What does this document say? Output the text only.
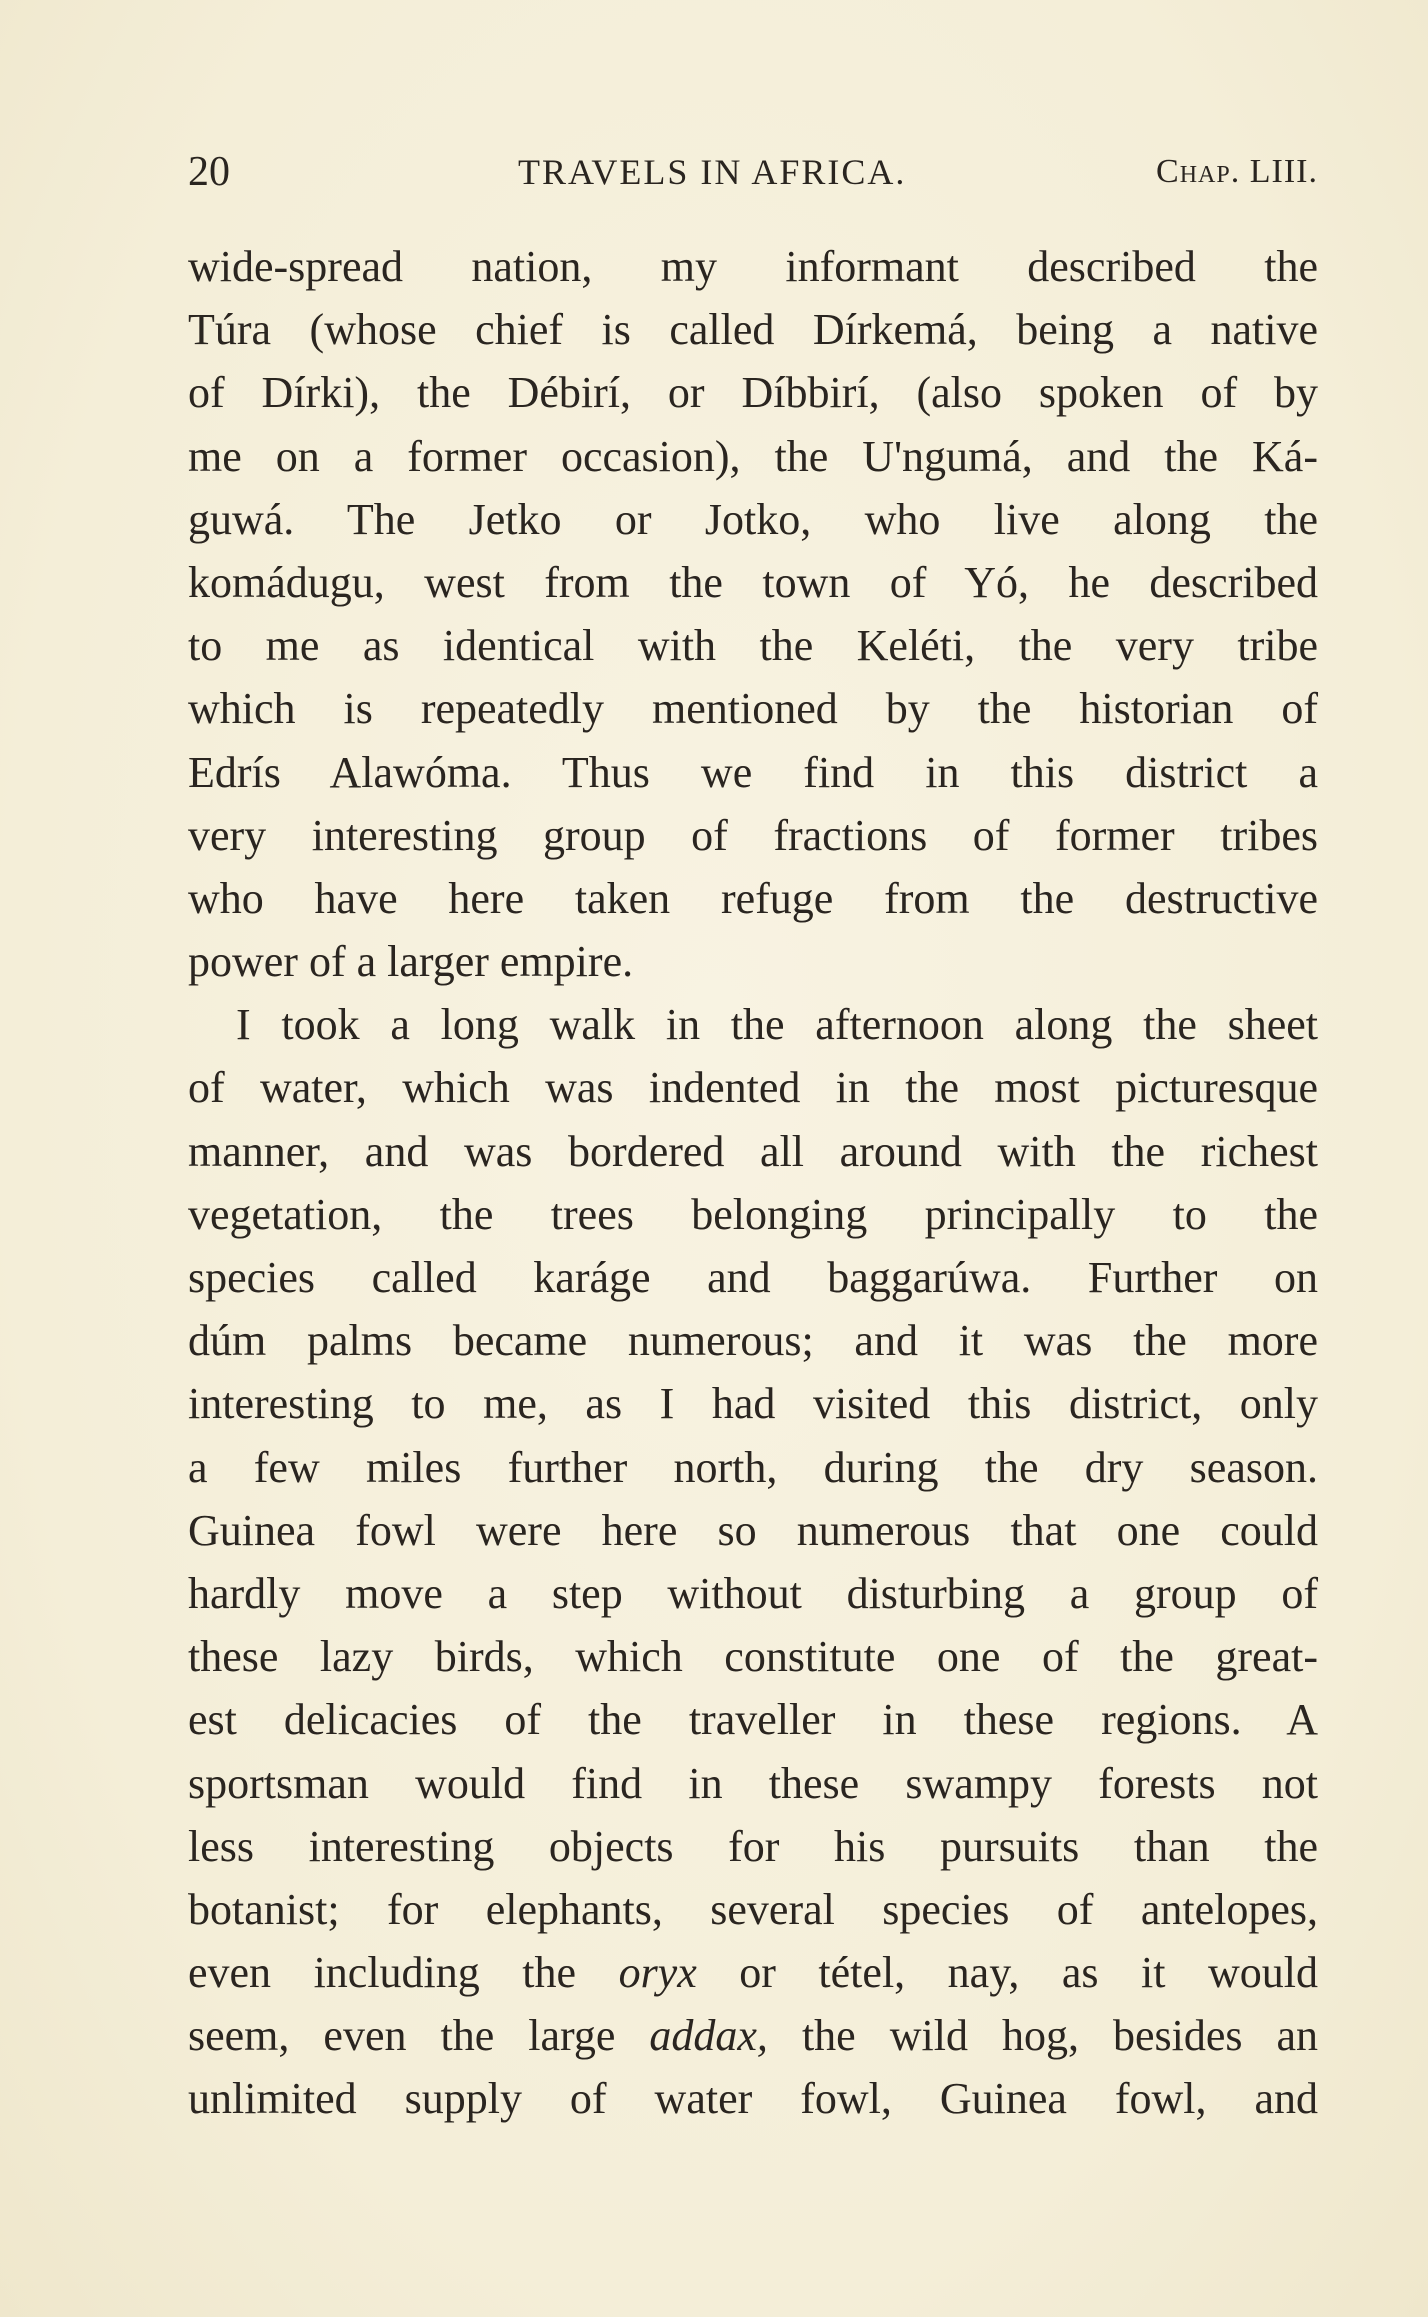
20	TRAVELS IN AFRICA.	Chap. LIII.
wide-spread nation, my informant described the
Túra (whose chief is called Dírkemá, being a native
of Dírki), the Débirí, or Díbbirí, (also spoken of by
me on a former occasion), the U'ngumá, and the Ká-
guwá. The Jetko or Jotko, who live along the
komádugu, west from the town of Yó, he described
to me as identical with the Keléti, the very tribe
which is repeatedly mentioned by the historian of
Edrís Alawóma. Thus we find in this district a
very interesting group of fractions of former tribes
who have here taken refuge from the destructive
power of a larger empire.
I took a long walk in the afternoon along the sheet
of water, which was indented in the most picturesque
manner, and was bordered all around with the richest
vegetation, the trees belonging principally to the
species called karáge and baggarúwa. Further on
dúm palms became numerous; and it was the more
interesting to me, as I had visited this district, only
a few miles further north, during the dry season.
Guinea fowl were here so numerous that one could
hardly move a step without disturbing a group of
these lazy birds, which constitute one of the great-
est delicacies of the traveller in these regions. A
sportsman would find in these swampy forests not
less interesting objects for his pursuits than the
botanist; for elephants, several species of antelopes,
even including the oryx or tétel, nay, as it would
seem, even the large addax, the wild hog, besides an
unlimited supply of water fowl, Guinea fowl, and
